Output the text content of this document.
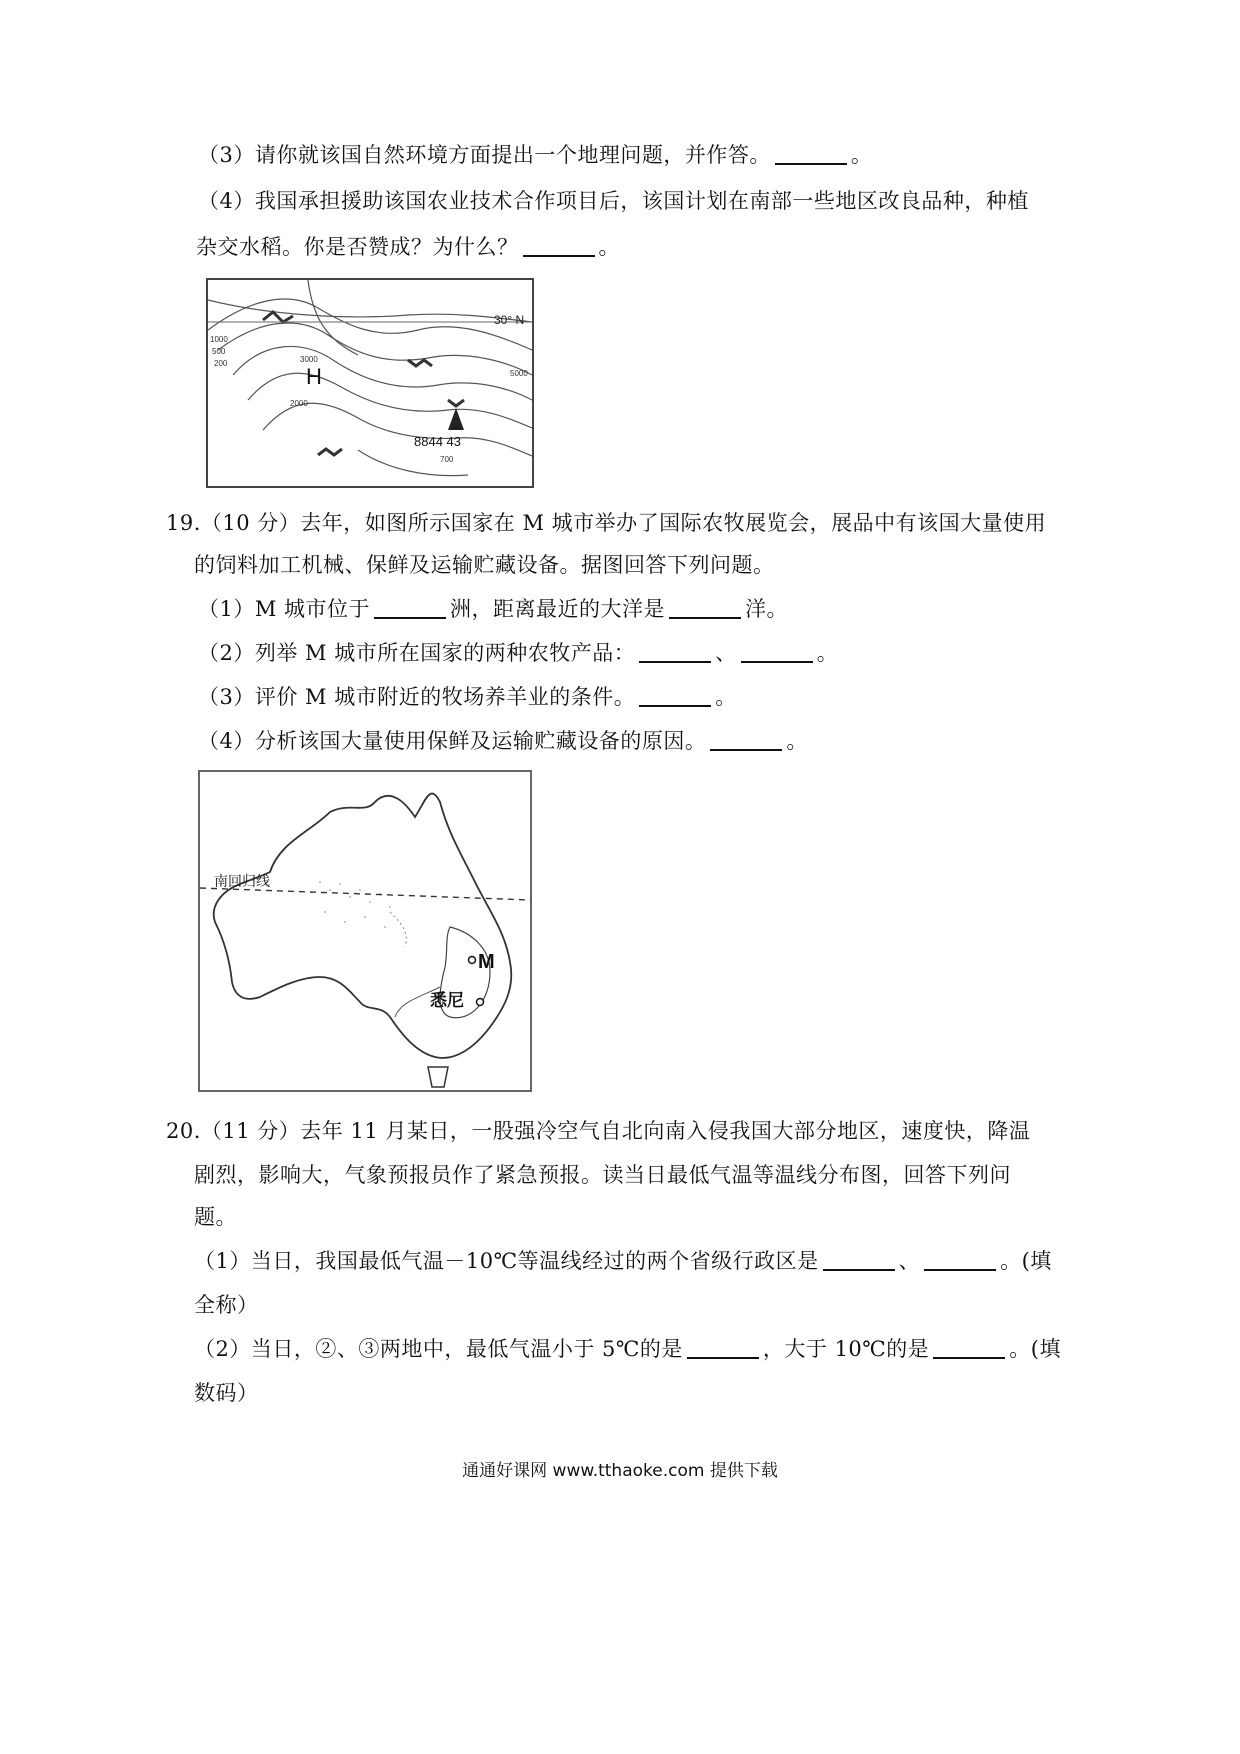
（3）请你就该国自然环境方面提出一个地理问题，并作答。	。
（4）我国承担援助该国农业技术合作项目后，该国计划在南部一些地区改良品种，种植
杂交水稻。你是否赞成？为什么？	。
30° N
H
8844 43
1000
500
200	3000
2000
5000
700
19.（10 分）去年，如图所示国家在 M 城市举办了国际农牧展览会，展品中有该国大量使用
的饲料加工机械、保鲜及运输贮藏设备。据图回答下列问题。
（1）M 城市位于	洲，距离最近的大洋是	洋。
（2）列举 M 城市所在国家的两种农牧产品：	、	。
（3）评价 M 城市附近的牧场养羊业的条件。	。
（4）分析该国大量使用保鲜及运输贮藏设备的原因。	。
南回归线
M
悉尼
20.（11 分）去年 11 月某日，一股强冷空气自北向南入侵我国大部分地区，速度快，降温
剧烈，影响大，气象预报员作了紧急预报。读当日最低气温等温线分布图，回答下列问
题。
（1）当日，我国最低气温－10℃等温线经过的两个省级行政区是	、	。(填
全称）
（2）当日，②、③两地中，最低气温小于 5℃的是	，大于 10℃的是	。(填
数码）
通通好课网 www.tthaoke.com 提供下载
